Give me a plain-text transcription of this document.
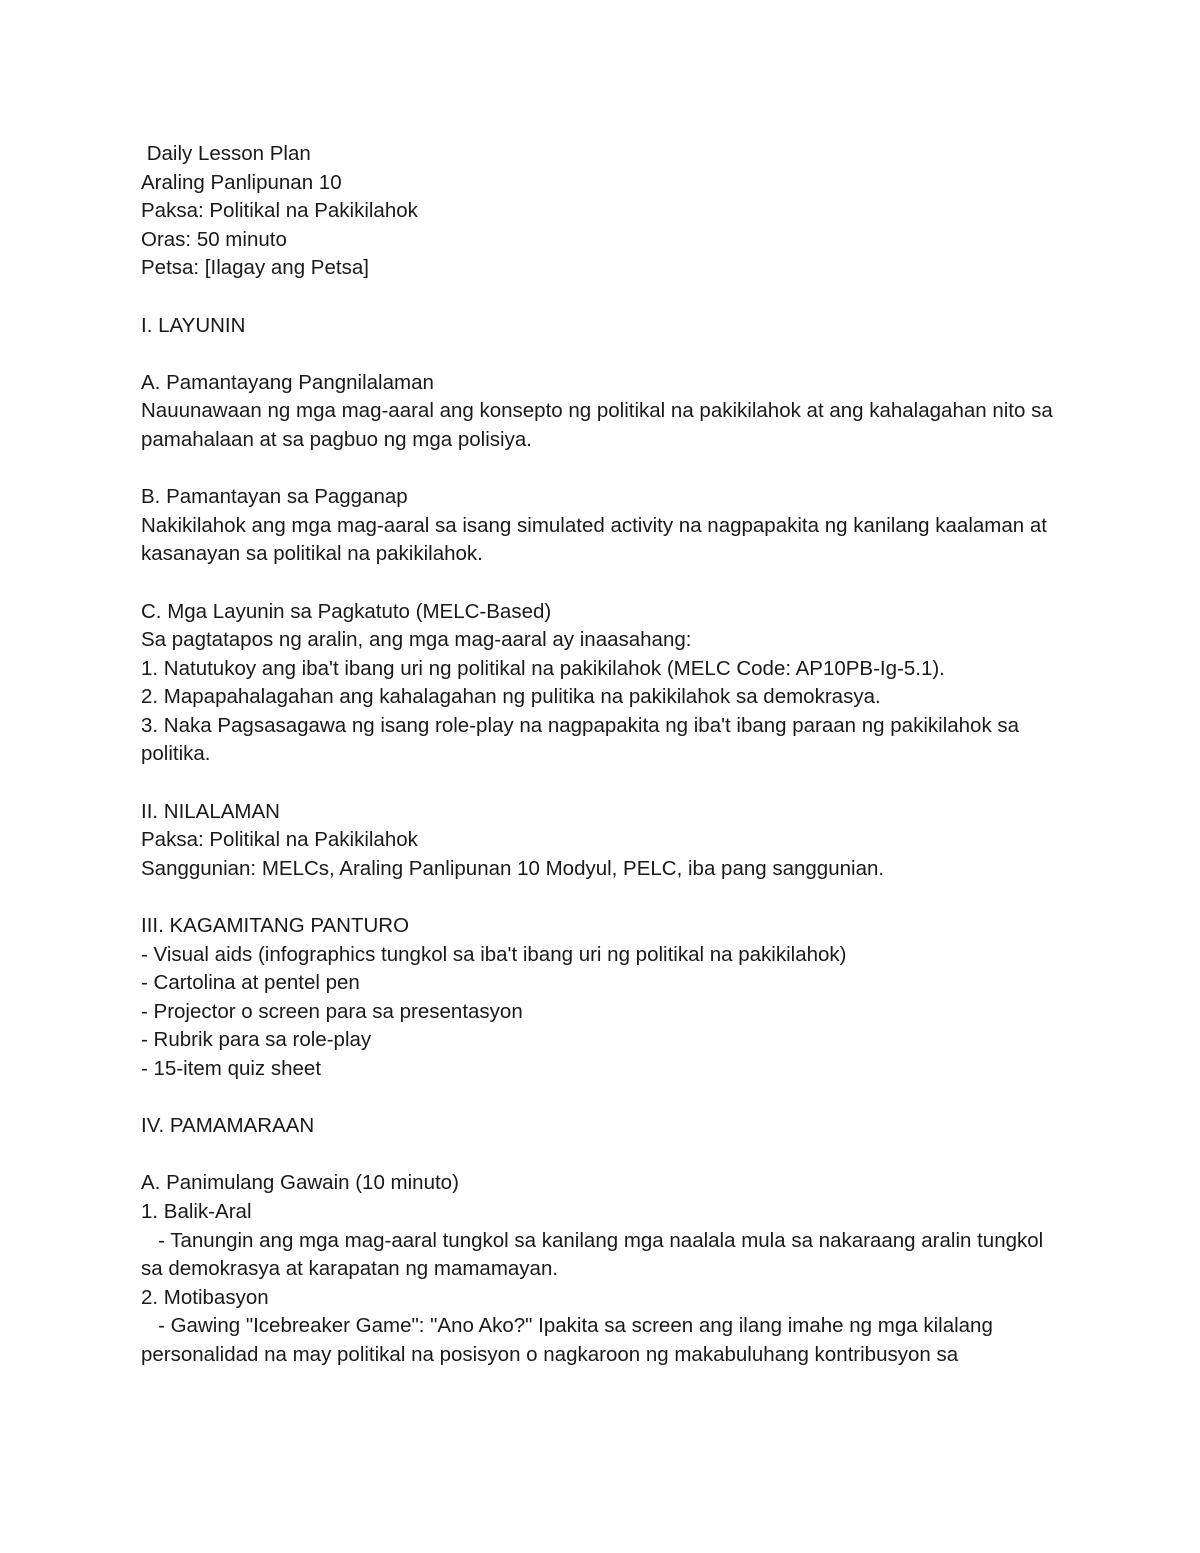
Daily Lesson Plan

Araling Panlipunan 10

Paksa: Politikal na Pakikilahok

Oras: 50 minuto

Petsa: [Ilagay ang Petsa]

I. LAYUNIN

A. Pamantayang Pangnilalaman

Nauunawaan ng mga mag-aaral ang konsepto ng politikal na pakikilahok at ang kahalagahan nito sa pamahalaan at sa pagbuo ng mga polisiya.

B. Pamantayan sa Pagganap

Nakikilahok ang mga mag-aaral sa isang simulated activity na nagpapakita ng kanilang kaalaman at kasanayan sa politikal na pakikilahok.

C. Mga Layunin sa Pagkatuto (MELC-Based)

Sa pagtatapos ng aralin, ang mga mag-aaral ay inaasahang:

1. Natutukoy ang iba't ibang uri ng politikal na pakikilahok (MELC Code: AP10PB-Ig-5.1).

2. Mapapahalagahan ang kahalagahan ng pulitika na pakikilahok sa demokrasya.

3. Naka Pagsasagawa ng isang role-play na nagpapakita ng iba't ibang paraan ng pakikilahok sa politika.

II. NILALAMAN

Paksa: Politikal na Pakikilahok

Sanggunian: MELCs, Araling Panlipunan 10 Modyul, PELC, iba pang sanggunian.

III. KAGAMITANG PANTURO

- Visual aids (infographics tungkol sa iba't ibang uri ng politikal na pakikilahok)

- Cartolina at pentel pen

- Projector o screen para sa presentasyon

- Rubrik para sa role-play

- 15-item quiz sheet

IV. PAMAMARAAN

A. Panimulang Gawain (10 minuto)

1. Balik-Aral

- Tanungin ang mga mag-aaral tungkol sa kanilang mga naalala mula sa nakaraang aralin tungkol sa demokrasya at karapatan ng mamamayan.

2. Motibasyon

- Gawing "Icebreaker Game": "Ano Ako?" Ipakita sa screen ang ilang imahe ng mga kilalang personalidad na may politikal na posisyon o nagkaroon ng makabuluhang kontribusyon sa
